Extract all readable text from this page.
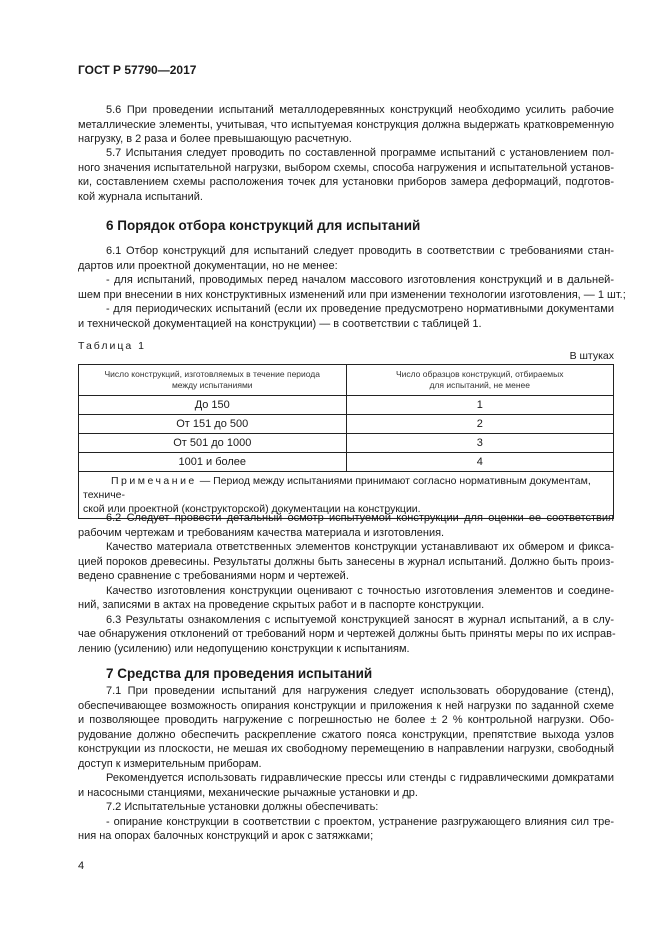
ГОСТ Р 57790—2017
5.6 При проведении испытаний металлодеревянных конструкций необходимо усилить рабочие
металлические элементы, учитывая, что испытуемая конструкция должна выдержать кратковременную
нагрузку, в 2 раза и более превышающую расчетную.
5.7 Испытания следует проводить по составленной программе испытаний с установлением пол-
ного значения испытательной нагрузки, выбором схемы, способа нагружения и испытательной установ-
ки, составлением схемы расположения точек для установки приборов замера деформаций, подготов-
кой журнала испытаний.
6 Порядок отбора конструкций для испытаний
6.1 Отбор конструкций для испытаний следует проводить в соответствии с требованиями стан-
дартов или проектной документации, но не менее:
- для испытаний, проводимых перед началом массового изготовления конструкций и в дальней-
шем при внесении в них конструктивных изменений или при изменении технологии изготовления, — 1 шт.;
- для периодических испытаний (если их проведение предусмотрено нормативными документами
и технической документацией на конструкции) — в соответствии с таблицей 1.
Таблица 1
В штуках
Число конструкций, изготовляемых в течение периода
между испытаниями	Число образцов конструкций, отбираемых
для испытаний, не менее
До 150	1
От 151 до 500	2
От 501 до 1000	3
1001 и более	4
Примечание — Период между испытаниями принимают согласно нормативным документам, техниче-
ской или проектной (конструкторской) документации на конструкции.	
6.2 Следует провести детальный осмотр испытуемой конструкции для оценки ее соответствия
рабочим чертежам и требованиям качества материала и изготовления.
Качество материала ответственных элементов конструкции устанавливают их обмером и фикса-
цией пороков древесины. Результаты должны быть занесены в журнал испытаний. Должно быть произ-
ведено сравнение с требованиями норм и чертежей.
Качество изготовления конструкции оценивают с точностью изготовления элементов и соедине-
ний, записями в актах на проведение скрытых работ и в паспорте конструкции.
6.3 Результаты ознакомления с испытуемой конструкцией заносят в журнал испытаний, а в слу-
чае обнаружения отклонений от требований норм и чертежей должны быть приняты меры по их исправ-
лению (усилению) или недопущению конструкции к испытаниям.
7 Средства для проведения испытаний
7.1 При проведении испытаний для нагружения следует использовать оборудование (стенд),
обеспечивающее возможность опирания конструкции и приложения к ней нагрузки по заданной схеме
и позволяющее проводить нагружение с погрешностью не более ± 2 % контрольной нагрузки. Обо-
рудование должно обеспечить раскрепление сжатого пояса конструкции, препятствие выхода узлов
конструкции из плоскости, не мешая их свободному перемещению в направлении нагрузки, свободный
доступ к измерительным приборам.
Рекомендуется использовать гидравлические прессы или стенды с гидравлическими домкратами
и насосными станциями, механические рычажные установки и др.
7.2 Испытательные установки должны обеспечивать:
- опирание конструкции в соответствии с проектом, устранение разгружающего влияния сил тре-
ния на опорах балочных конструкций и арок с затяжками;
4
